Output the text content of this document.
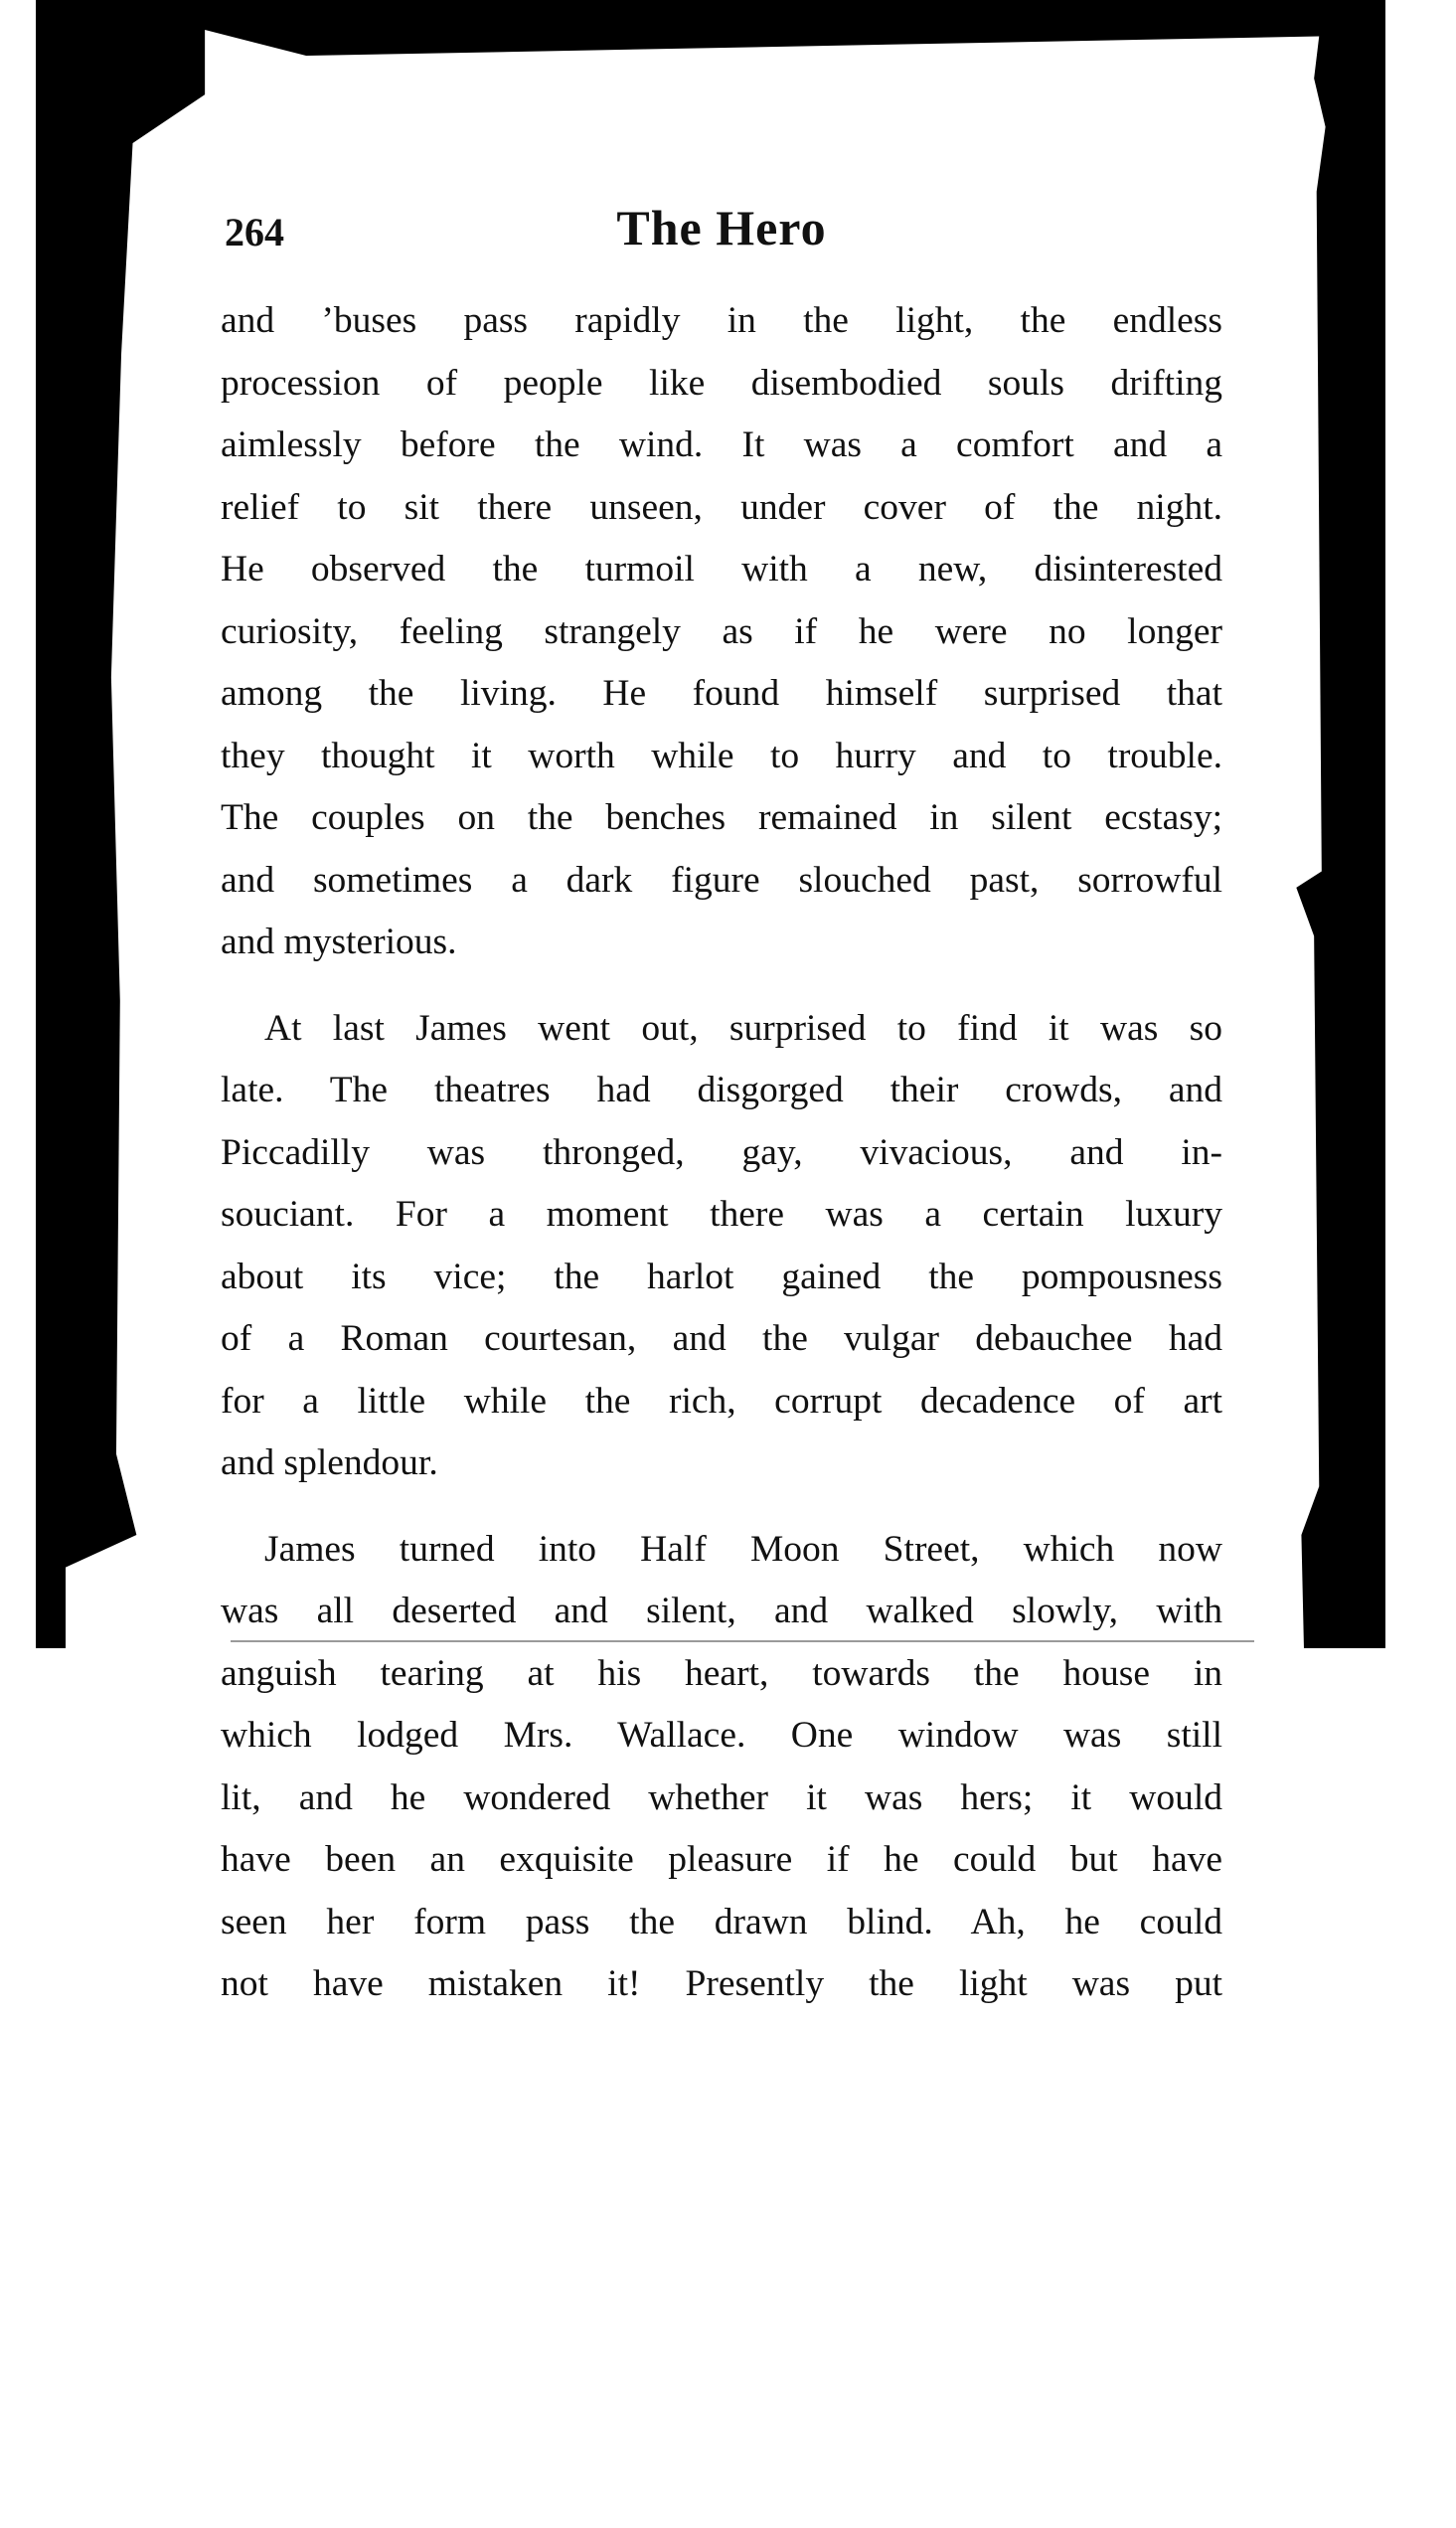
264	The Hero

and ’buses pass rapidly in the light, the endless
procession of people like disembodied souls drifting
aimlessly before the wind. It was a comfort and a
relief to sit there unseen, under cover of the night.
He observed the turmoil with a new, disinterested
curiosity, feeling strangely as if he were no longer
among the living. He found himself surprised that
they thought it worth while to hurry and to trouble.
The couples on the benches remained in silent ecstasy;
and sometimes a dark figure slouched past, sorrowful
and mysterious.

At last James went out, surprised to find it was so
late. The theatres had disgorged their crowds, and
Piccadilly was thronged, gay, vivacious, and in-
souciant. For a moment there was a certain luxury
about its vice; the harlot gained the pompousness
of a Roman courtesan, and the vulgar debauchee had
for a little while the rich, corrupt decadence of art
and splendour.

James turned into Half Moon Street, which now
was all deserted and silent, and walked slowly, with
anguish tearing at his heart, towards the house in
which lodged Mrs. Wallace. One window was still
lit, and he wondered whether it was hers; it would
have been an exquisite pleasure if he could but have
seen her form pass the drawn blind. Ah, he could
not have mistaken it! Presently the light was put
